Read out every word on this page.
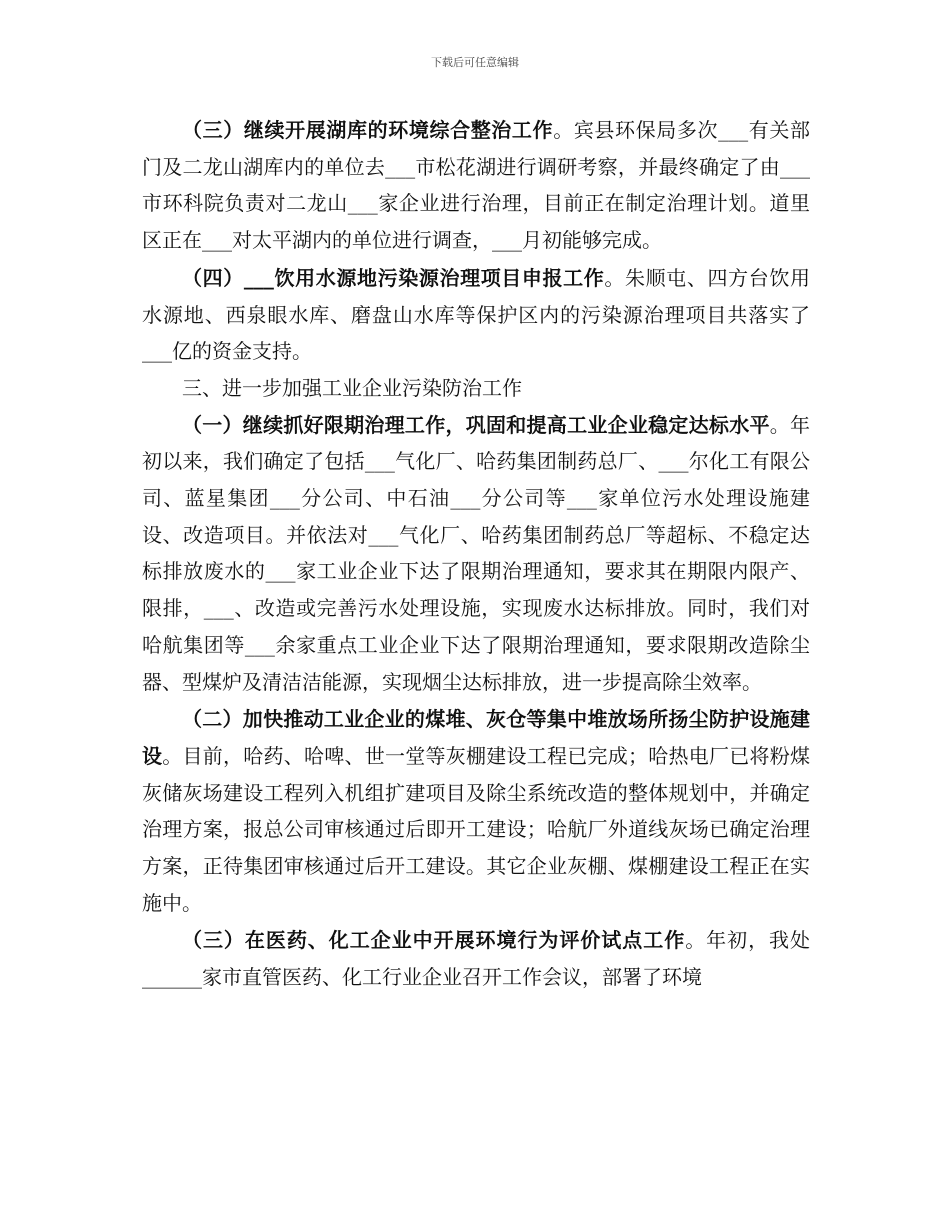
下载后可任意编辑

（三）继续开展湖库的环境综合整治工作。宾县环保局多次___有关部门及二龙山湖库内的单位去___市松花湖进行调研考察，并最终确定了由___市环科院负责对二龙山___家企业进行治理，目前正在制定治理计划。道里区正在___对太平湖内的单位进行调查，___月初能够完成。

（四）___饮用水源地污染源治理项目申报工作。朱顺屯、四方台饮用水源地、西泉眼水库、磨盘山水库等保护区内的污染源治理项目共落实了___亿的资金支持。

三、进一步加强工业企业污染防治工作

（一）继续抓好限期治理工作，巩固和提高工业企业稳定达标水平。年初以来，我们确定了包括___气化厂、哈药集团制药总厂、___尔化工有限公司、蓝星集团___分公司、中石油___分公司等___家单位污水处理设施建设、改造项目。并依法对___气化厂、哈药集团制药总厂等超标、不稳定达标排放废水的___家工业企业下达了限期治理通知，要求其在期限内限产、限排，___、改造或完善污水处理设施，实现废水达标排放。同时，我们对哈航集团等___余家重点工业企业下达了限期治理通知，要求限期改造除尘器、型煤炉及清洁洁能源，实现烟尘达标排放，进一步提高除尘效率。

（二）加快推动工业企业的煤堆、灰仓等集中堆放场所扬尘防护设施建设。目前，哈药、哈啤、世一堂等灰棚建设工程已完成；哈热电厂已将粉煤灰储灰场建设工程列入机组扩建项目及除尘系统改造的整体规划中，并确定治理方案，报总公司审核通过后即开工建设；哈航厂外道线灰场已确定治理方案，正待集团审核通过后开工建设。其它企业灰棚、煤棚建设工程正在实施中。

（三）在医药、化工企业中开展环境行为评价试点工作。年初，我处______家市直管医药、化工行业企业召开工作会议，部署了环境
